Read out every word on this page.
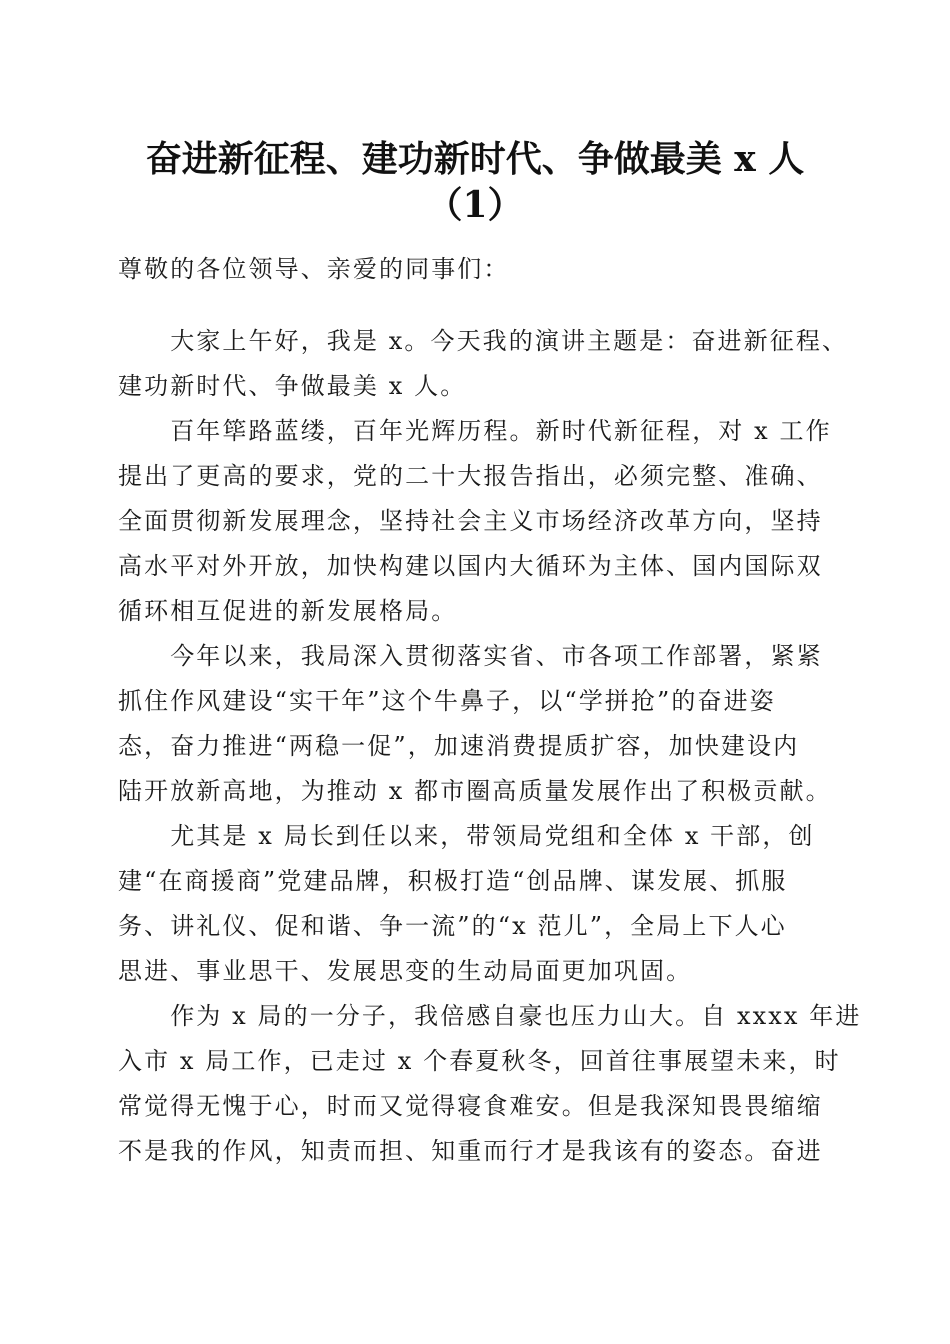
奋进新征程、建功新时代、争做最美 x 人
（1）

尊敬的各位领导、亲爱的同事们：

　　大家上午好，我是 x。今天我的演讲主题是：奋进新征程、

建功新时代、争做最美 x 人。

　　百年筚路蓝缕，百年光辉历程。新时代新征程，对 x 工作

提出了更高的要求，党的二十大报告指出，必须完整、准确、

全面贯彻新发展理念，坚持社会主义市场经济改革方向，坚持

高水平对外开放，加快构建以国内大循环为主体、国内国际双

循环相互促进的新发展格局。

　　今年以来，我局深入贯彻落实省、市各项工作部署，紧紧

抓住作风建设“实干年”这个牛鼻子，以“学拼抢”的奋进姿

态，奋力推进“两稳一促”，加速消费提质扩容，加快建设内

陆开放新高地，为推动 x 都市圈高质量发展作出了积极贡献。

　　尤其是 x 局长到任以来，带领局党组和全体 x 干部，创

建“在商援商”党建品牌，积极打造“创品牌、谋发展、抓服

务、讲礼仪、促和谐、争一流”的“x 范儿”，全局上下人心

思进、事业思干、发展思变的生动局面更加巩固。

　　作为 x 局的一分子，我倍感自豪也压力山大。自 xxxx 年进

入市 x 局工作，已走过 x 个春夏秋冬，回首往事展望未来，时

常觉得无愧于心，时而又觉得寝食难安。但是我深知畏畏缩缩

不是我的作风，知责而担、知重而行才是我该有的姿态。奋进
